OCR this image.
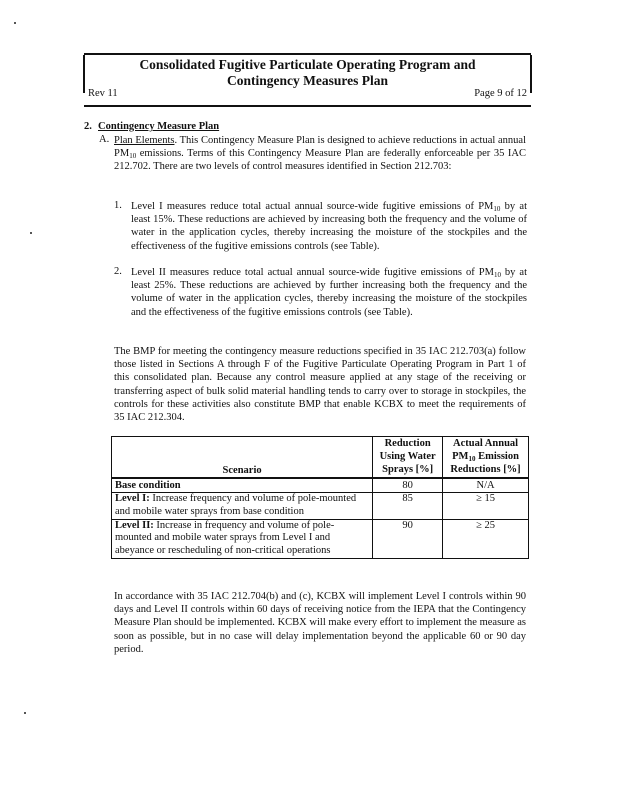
Consolidated Fugitive Particulate Operating Program and
Contingency Measures Plan
Rev 11	Page 9 of 12
2. Contingency Measure Plan
A. Plan Elements. This Contingency Measure Plan is designed to achieve reductions in actual annual $PM_{10}$ emissions. Terms of this Contingency Measure Plan are federally enforceable per 35 IAC 212.702. There are two levels of control measures identified in Section 212.703:
1. Level I measures reduce total actual annual source-wide fugitive emissions of $PM_{10}$ by at least 15%. These reductions are achieved by increasing both the frequency and the volume of water in the application cycles, thereby increasing the moisture of the stockpiles and the effectiveness of the fugitive emissions controls (see Table).
2. Level II measures reduce total actual annual source-wide fugitive emissions of $PM_{10}$ by at least 25%. These reductions are achieved by further increasing both the frequency and the volume of water in the application cycles, thereby increasing the moisture of the stockpiles and the effectiveness of the fugitive emissions controls (see Table).
The BMP for meeting the contingency measure reductions specified in 35 IAC 212.703(a) follow those listed in Sections A through F of the Fugitive Particulate Operating Program in Part 1 of this consolidated plan. Because any control measure applied at any stage of the receiving or transferring aspect of bulk solid material handling tends to carry over to storage in stockpiles, the controls for these activities also constitute BMP that enable KCBX to meet the requirements of 35 IAC 212.304.
Scenario	Reduction Using Water Sprays [%]	Actual Annual $PM_{10}$ Emission Reductions [%]
Base condition	80	N/A
Level I: Increase frequency and volume of pole-mounted and mobile water sprays from base condition	85	≥ 15
Level II: Increase in frequency and volume of pole-mounted and mobile water sprays from Level I and abeyance or rescheduling of non-critical operations	90	≥ 25
In accordance with 35 IAC 212.704(b) and (c), KCBX will implement Level I controls within 90 days and Level II controls within 60 days of receiving notice from the IEPA that the Contingency Measure Plan should be implemented. KCBX will make every effort to implement the measure as soon as possible, but in no case will delay implementation beyond the applicable 60 or 90 day period.
